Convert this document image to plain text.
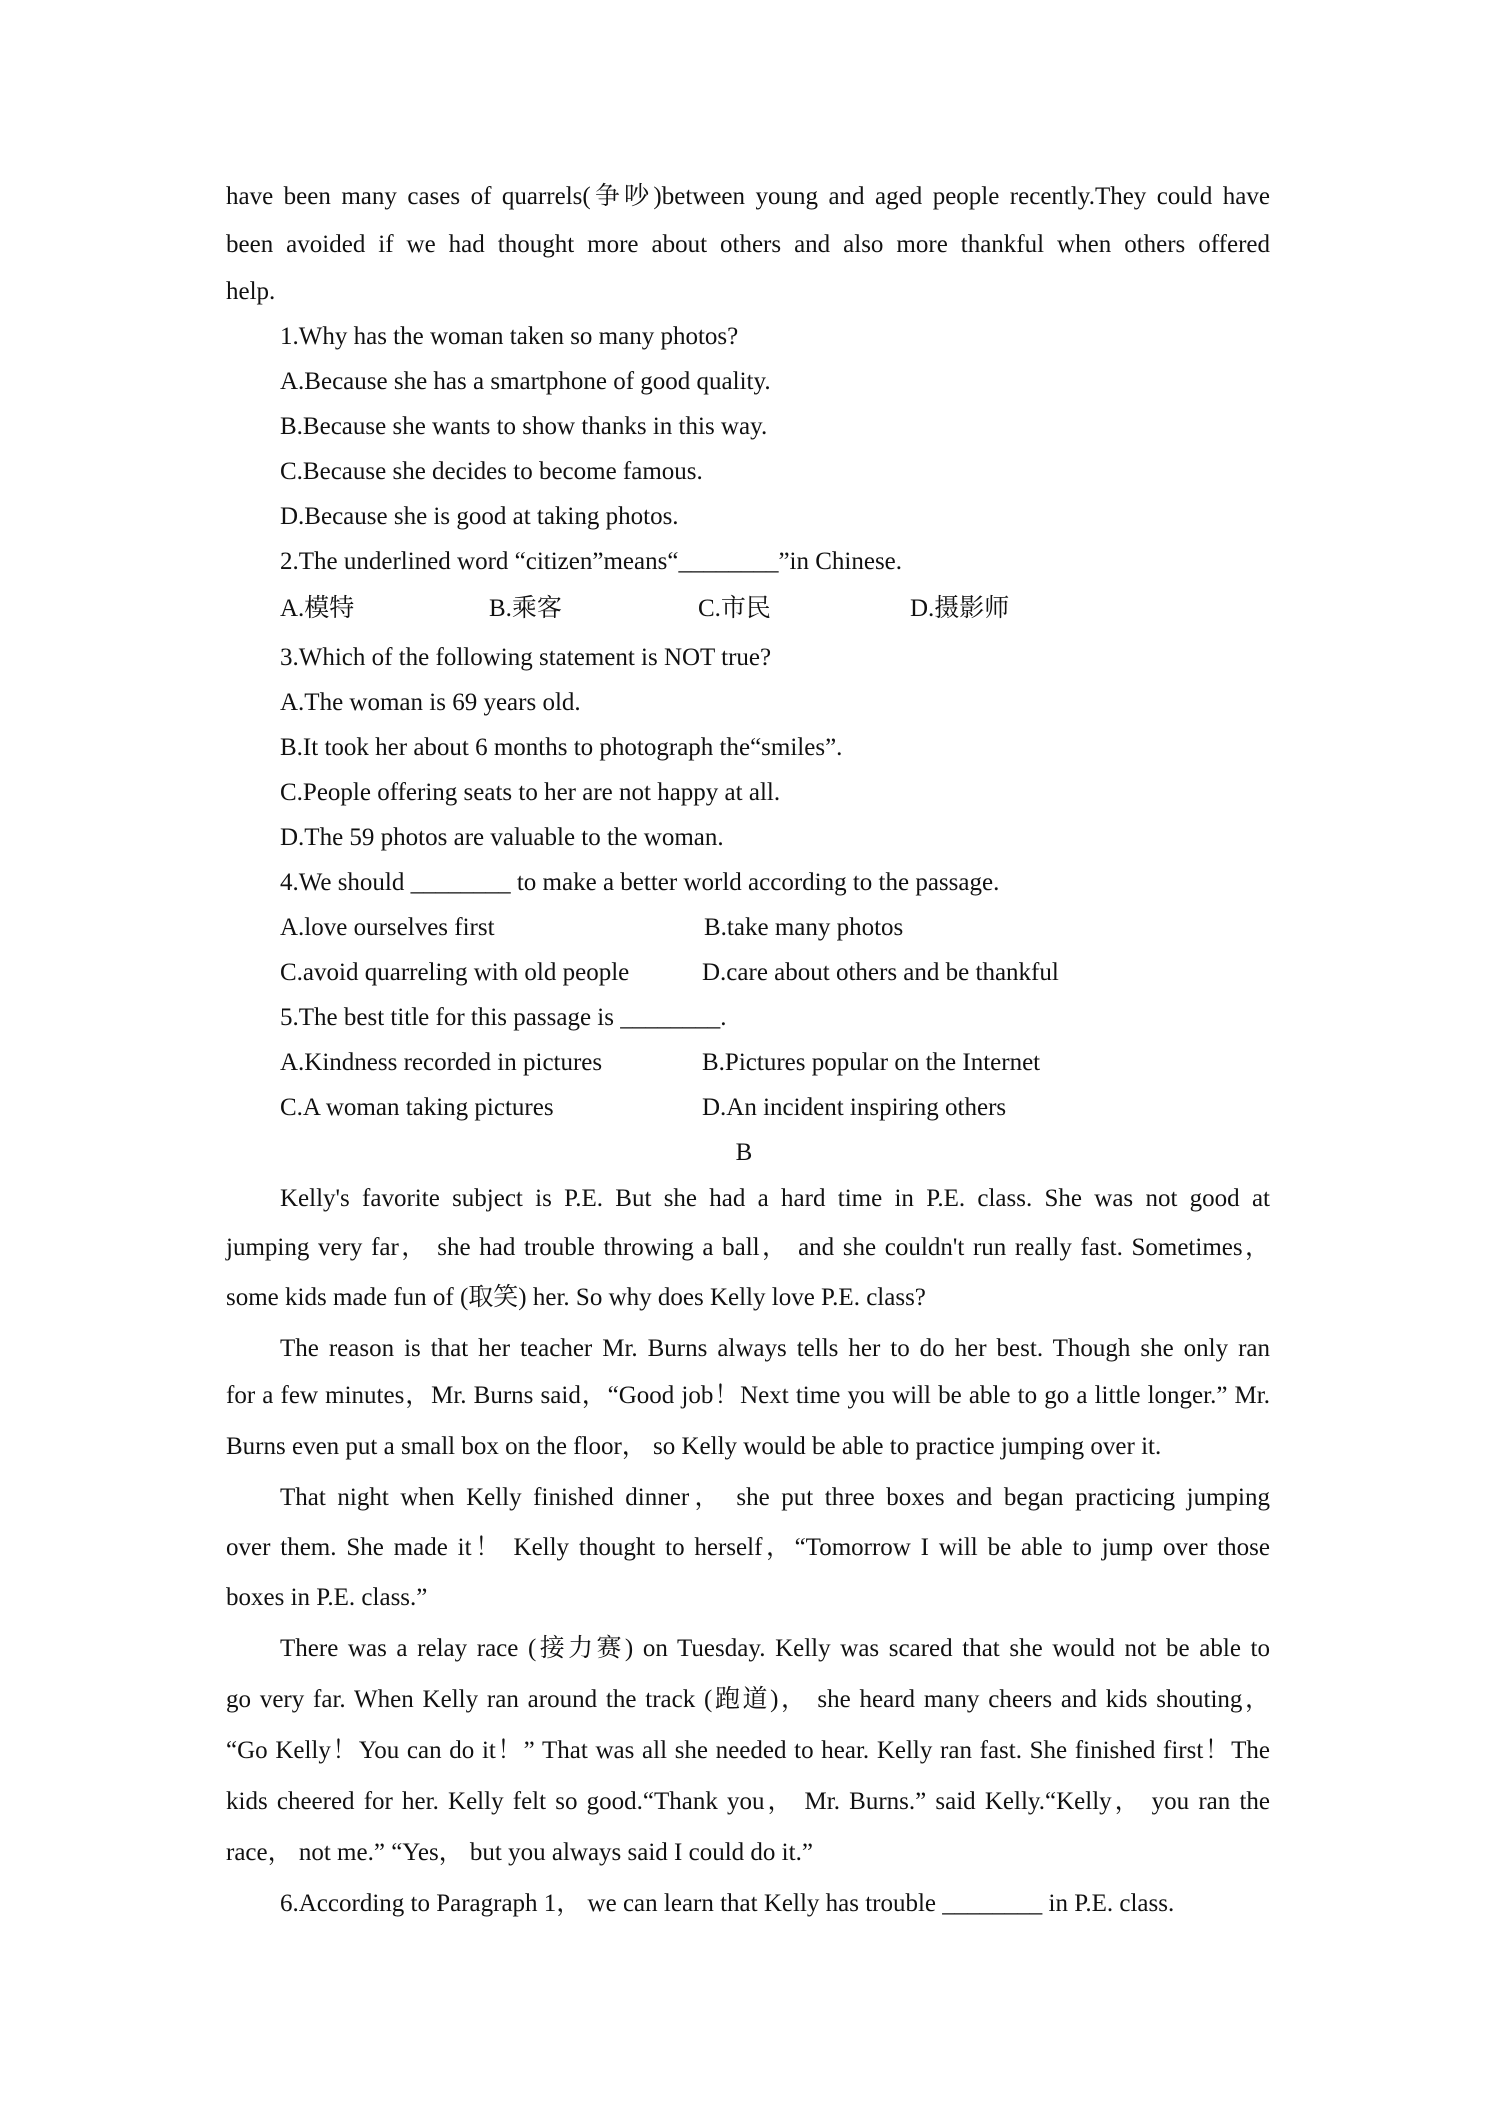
have been many cases of quarrels(争吵)between young and aged people recently.They could have
been avoided if we had thought more about others and also more thankful when others offered
help.
1.Why has the woman taken so many photos?
A.Because she has a smartphone of good quality.
B.Because she wants to show thanks in this way.
C.Because she decides to become famous.
D.Because she is good at taking photos.
2.The underlined word “citizen”means“________”in Chinese.
A.模特	B.乘客	C.市民	D.摄影师
3.Which of the following statement is NOT true?
A.The woman is 69 years old.
B.It took her about 6 months to photograph the“smiles”.
C.People offering seats to her are not happy at all.
D.The 59 photos are valuable to the woman.
4.We should ________ to make a better world according to the passage.
A.love ourselves first	B.take many photos
C.avoid quarreling with old people	D.care about others and be thankful
5.The best title for this passage is ________.
A.Kindness recorded in pictures	B.Pictures popular on the Internet
C.A woman taking pictures	D.An incident inspiring others
B
Kelly's favorite subject is P.E. But she had a hard time in P.E. class. She was not good at
jumping very far， she had trouble throwing a ball， and she couldn't run really fast. Sometimes，
some kids made fun of (取笑) her. So why does Kelly love P.E. class?
The reason is that her teacher Mr. Burns always tells her to do her best. Though she only ran
for a few minutes，Mr. Burns said，“Good job！Next time you will be able to go a little longer.” Mr.
Burns even put a small box on the floor， so Kelly would be able to practice jumping over it.
That night when Kelly finished dinner， she put three boxes and began practicing jumping
over them. She made it！ Kelly thought to herself，“Tomorrow I will be able to jump over those
boxes in P.E. class.”
There was a relay race (接力赛) on Tuesday. Kelly was scared that she would not be able to
go very far. When Kelly ran around the track (跑道)， she heard many cheers and kids shouting，
“Go Kelly！You can do it！” That was all she needed to hear. Kelly ran fast. She finished first！The
kids cheered for her. Kelly felt so good.“Thank you， Mr. Burns.” said Kelly.“Kelly， you ran the
race， not me.” “Yes， but you always said I could do it.”
6.According to Paragraph 1， we can learn that Kelly has trouble ________ in P.E. class.
